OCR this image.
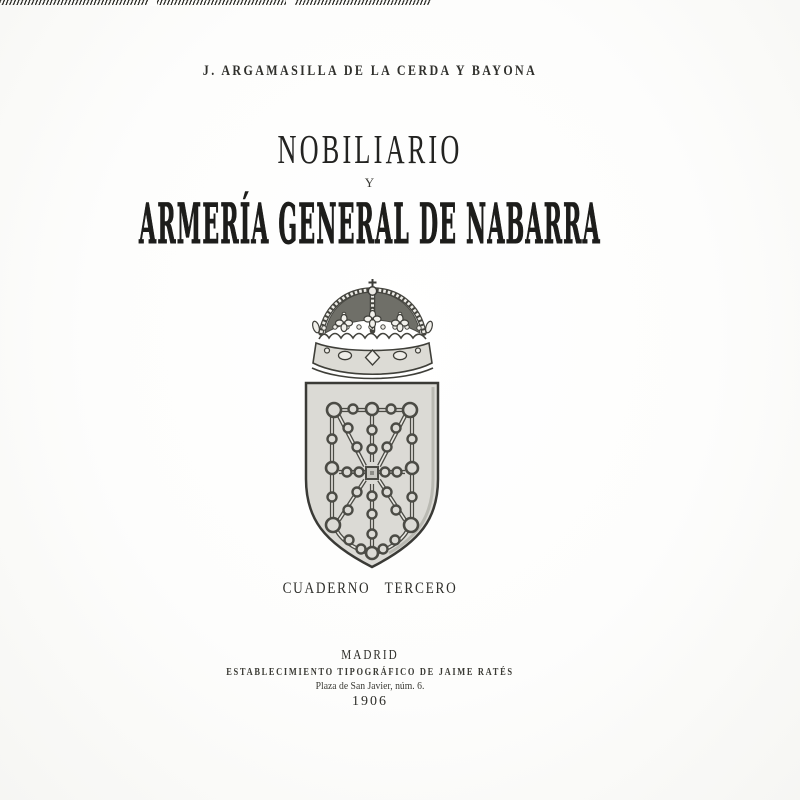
J. ARGAMASILLA DE LA CERDA Y BAYONA
NOBILIARIO
Y
ARMERÍA GENERAL DE NABARRA
CUADERNO TERCERO
MADRID
ESTABLECIMIENTO TIPOGRÁFICO DE JAIME RATÉS
Plaza de San Javier, núm. 6.
1906
